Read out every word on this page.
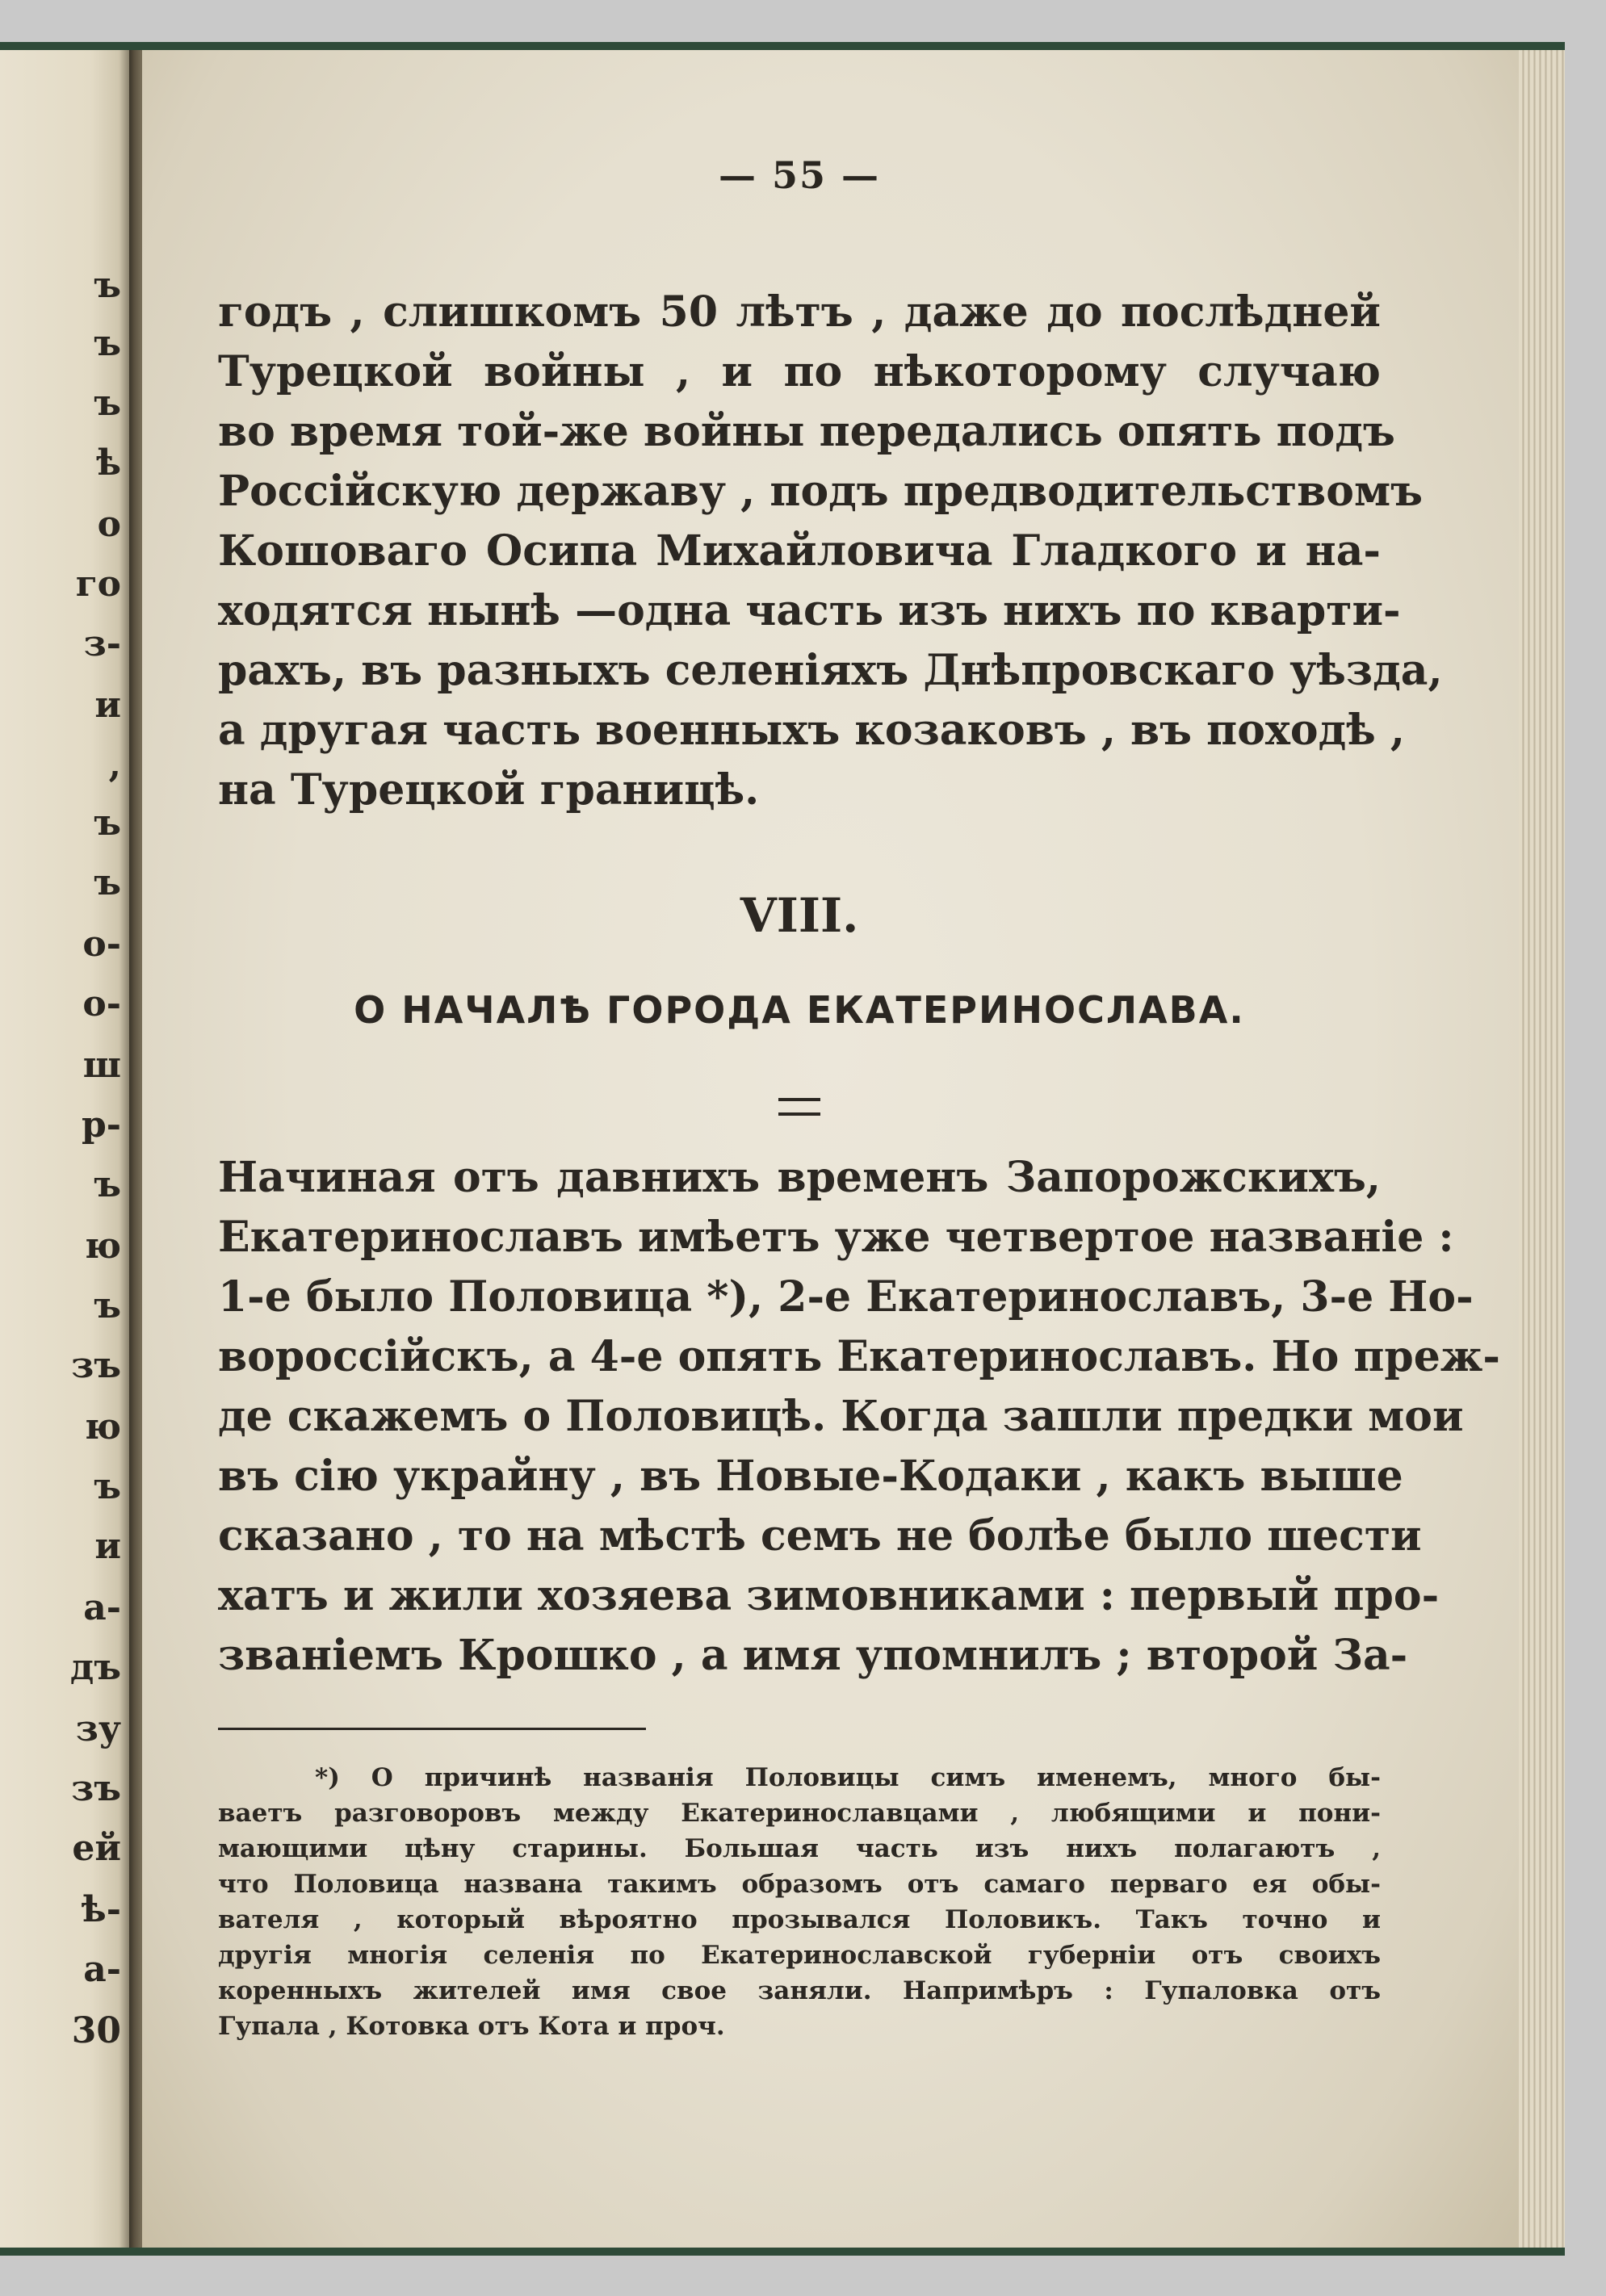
ъ
ъ
ъ
ѣ
о
го
з-
и
,
ъ
ъ
о-
о-
ш
р-
ъ
ю
ъ
зъ
ю
ъ
и
а-
дъ
зу
зъ
ей
ѣ-
а-
30
— 55 —
годъ , слишкомъ 50 лѣтъ , даже до послѣдней
Турецкой войны , и по нѣкоторому случаю
во время той-же войны передались опять подъ
Россійскую державу , подъ предводительствомъ
Кошоваго Осипа Михайловича Гладкого и на-
ходятся нынѣ —одна часть изъ нихъ по кварти-
рахъ, въ разныхъ селеніяхъ Днѣпровскаго уѣзда,
а другая часть военныхъ козаковъ , въ походѣ ,
на Турецкой границѣ.
VIII.
О НАЧАЛѢ ГОРОДА ЕКАТЕРИНОСЛАВА.
Начиная отъ давнихъ временъ Запорожскихъ,
Екатеринославъ имѣетъ уже четвертое названіе :
1-е было Половица *), 2-е Екатеринославъ, 3-е Но-
вороссійскъ, а 4-е опять Екатеринославъ. Но преж-
де скажемъ о Половицѣ. Когда зашли предки мои
въ сію украйну , въ Новые-Кодаки , какъ выше
сказано , то на мѣстѣ семъ не болѣе было шести
хатъ и жили хозяева зимовниками : первый про-
званіемъ Крошко , а имя упомнилъ ; второй За-
*) О причинѣ названія Половицы симъ именемъ, много бы-
ваетъ разговоровъ между Екатеринославцами , любящими и пони-
мающими цѣну старины. Большая часть изъ нихъ полагаютъ ,
что Половица названа такимъ образомъ отъ самаго перваго ея обы-
вателя , который вѣроятно прозывался Половикъ. Такъ точно и
другія многія селенія по Екатеринославской губерніи отъ своихъ
коренныхъ жителей имя свое заняли. Напримѣръ : Гупаловка отъ
Гупала , Котовка отъ Кота и проч.
